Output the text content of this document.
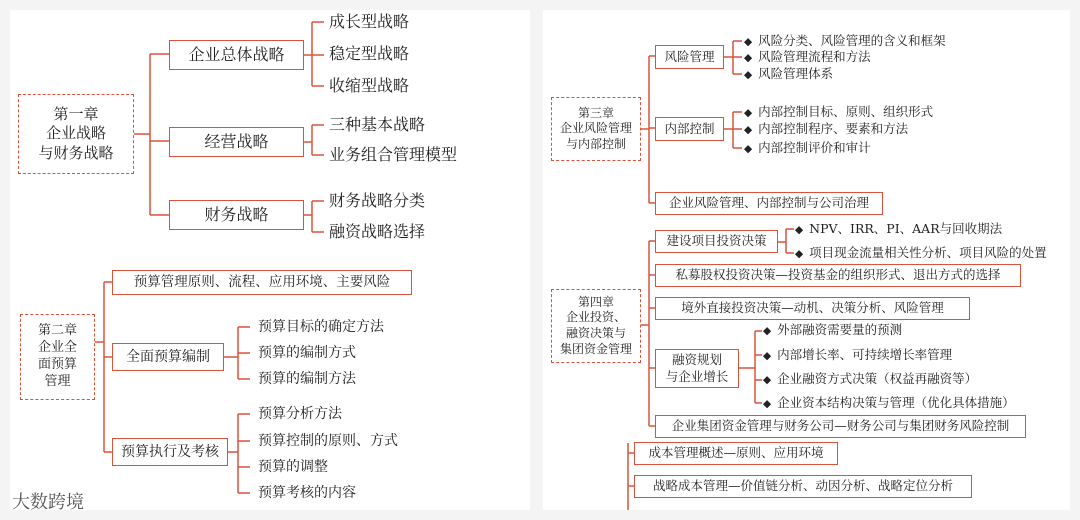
第一章
企业战略
与财务战略
企业总体战略
成长型战略
稳定型战略
收缩型战略
经营战略
三种基本战略
业务组合管理模型
财务战略
财务战略分类
融资战略选择
第二章
企业全
面预算
管理
预算管理原则、流程、应用环境、主要风险
全面预算编制
预算目标的确定方法
预算的编制方式
预算的编制方法
预算执行及考核
预算分析方法
预算控制的原则、方式
预算的调整
预算考核的内容
第三章
企业风险管理
与内部控制
风险管理
◆ 风险分类、风险管理的含义和框架
◆ 风险管理流程和方法
◆ 风险管理体系
内部控制
◆ 内部控制目标、原则、组织形式
◆ 内部控制程序、要素和方法
◆ 内部控制评价和审计
企业风险管理、内部控制与公司治理
第四章
企业投资、
融资决策与
集团资金管理
建设项目投资决策
◆ NPV、IRR、PI、AAR与回收期法
◆ 项目现金流量相关性分析、项目风险的处置
私募股权投资决策—投资基金的组织形式、退出方式的选择
境外直接投资决策—动机、决策分析、风险管理
融资规划
与企业增长
◆ 外部融资需要量的预测
◆ 内部增长率、可持续增长率管理
◆ 企业融资方式决策（权益再融资等）
◆ 企业资本结构决策与管理（优化具体措施）
企业集团资金管理与财务公司—财务公司与集团财务风险控制
成本管理概述—原则、应用环境
战略成本管理—价值链分析、动因分析、战略定位分析
大数跨境
